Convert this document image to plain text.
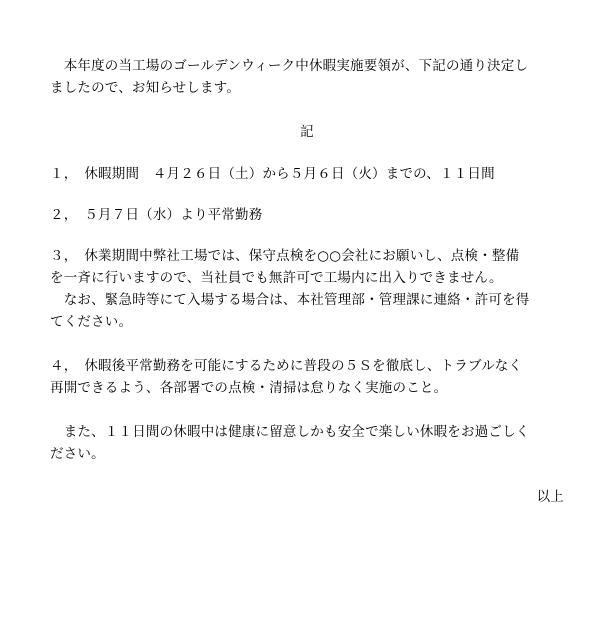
　本年度の当工場のゴールデンウィーク中休暇実施要領が、下記の通り決定し
ましたので、お知らせします。
記
１，　休暇期間　４月２６日（土）から５月６日（火）までの、１１日間
２，　５月７日（水）より平常勤務
３，　休業期間中弊社工場では、保守点検を○○会社にお願いし、点検・整備
を一斉に行いますので、当社員でも無許可で工場内に出入りできません。
　なお、緊急時等にて入場する場合は、本社管理部・管理課に連絡・許可を得
てください。
４，　休暇後平常勤務を可能にするために普段の５Ｓを徹底し、トラブルなく
再開できるよう、各部署での点検・清掃は怠りなく実施のこと。
　また、１１日間の休暇中は健康に留意しかも安全で楽しい休暇をお過ごしく
ださい。
以上
